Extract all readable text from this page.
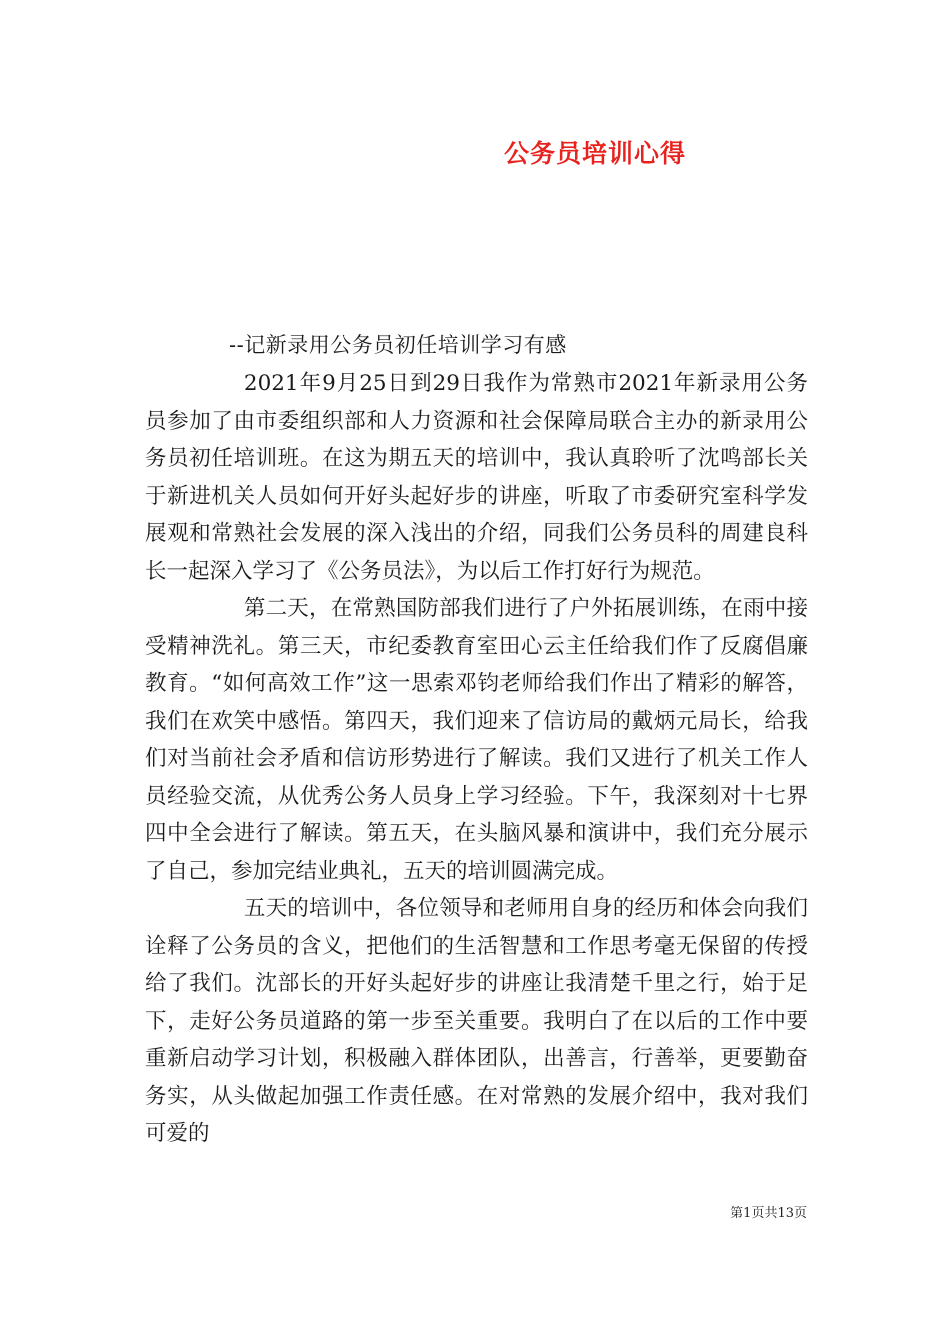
公务员培训心得
--记新录用公务员初任培训学习有感

2021年9月25日到29日我作为常熟市2021年新录用公务员参加了由市委组织部和人力资源和社会保障局联合主办的新录用公务员初任培训班。在这为期五天的培训中，我认真聆听了沈鸣部长关于新进机关人员如何开好头起好步的讲座，听取了市委研究室科学发展观和常熟社会发展的深入浅出的介绍，同我们公务员科的周建良科长一起深入学习了《公务员法》，为以后工作打好行为规范。

第二天，在常熟国防部我们进行了户外拓展训练，在雨中接受精神洗礼。第三天，市纪委教育室田心云主任给我们作了反腐倡廉教育。“如何高效工作”这一思索邓钧老师给我们作出了精彩的解答，我们在欢笑中感悟。第四天，我们迎来了信访局的戴炳元局长，给我们对当前社会矛盾和信访形势进行了解读。我们又进行了机关工作人员经验交流，从优秀公务人员身上学习经验。下午，我深刻对十七界四中全会进行了解读。第五天，在头脑风暴和演讲中，我们充分展示了自己，参加完结业典礼，五天的培训圆满完成。

五天的培训中，各位领导和老师用自身的经历和体会向我们诠释了公务员的含义，把他们的生活智慧和工作思考毫无保留的传授给了我们。沈部长的开好头起好步的讲座让我清楚千里之行，始于足下，走好公务员道路的第一步至关重要。我明白了在以后的工作中要重新启动学习计划，积极融入群体团队，出善言，行善举，更要勤奋务实，从头做起加强工作责任感。在对常熟的发展介绍中，我对我们可爱的

第1页共13页
